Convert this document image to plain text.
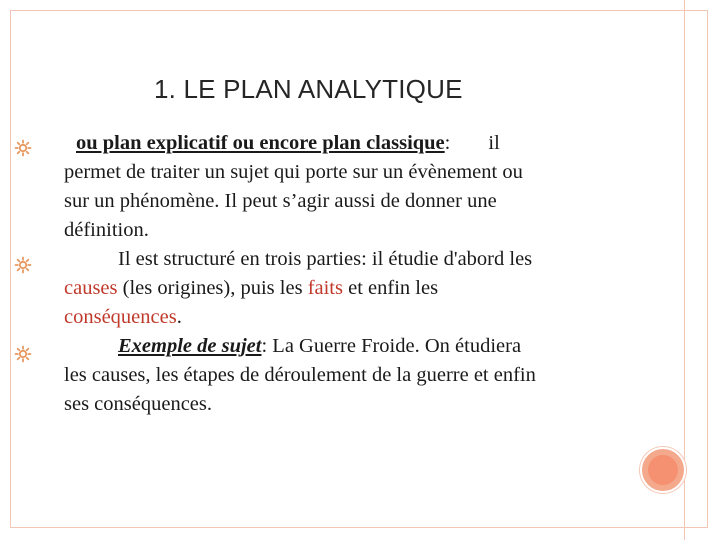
1. LE PLAN ANALYTIQUE
ou plan explicatif ou encore plan classique: il
permet de traiter un sujet qui porte sur un évènement ou
sur un phénomène. Il peut s’agir aussi de donner une
définition.
Il est structuré en trois parties: il étudie d'abord les
causes (les origines), puis les faits et enfin les
conséquences.
Exemple de sujet: La Guerre Froide. On étudiera
les causes, les étapes de déroulement de la guerre et enfin
ses conséquences.
